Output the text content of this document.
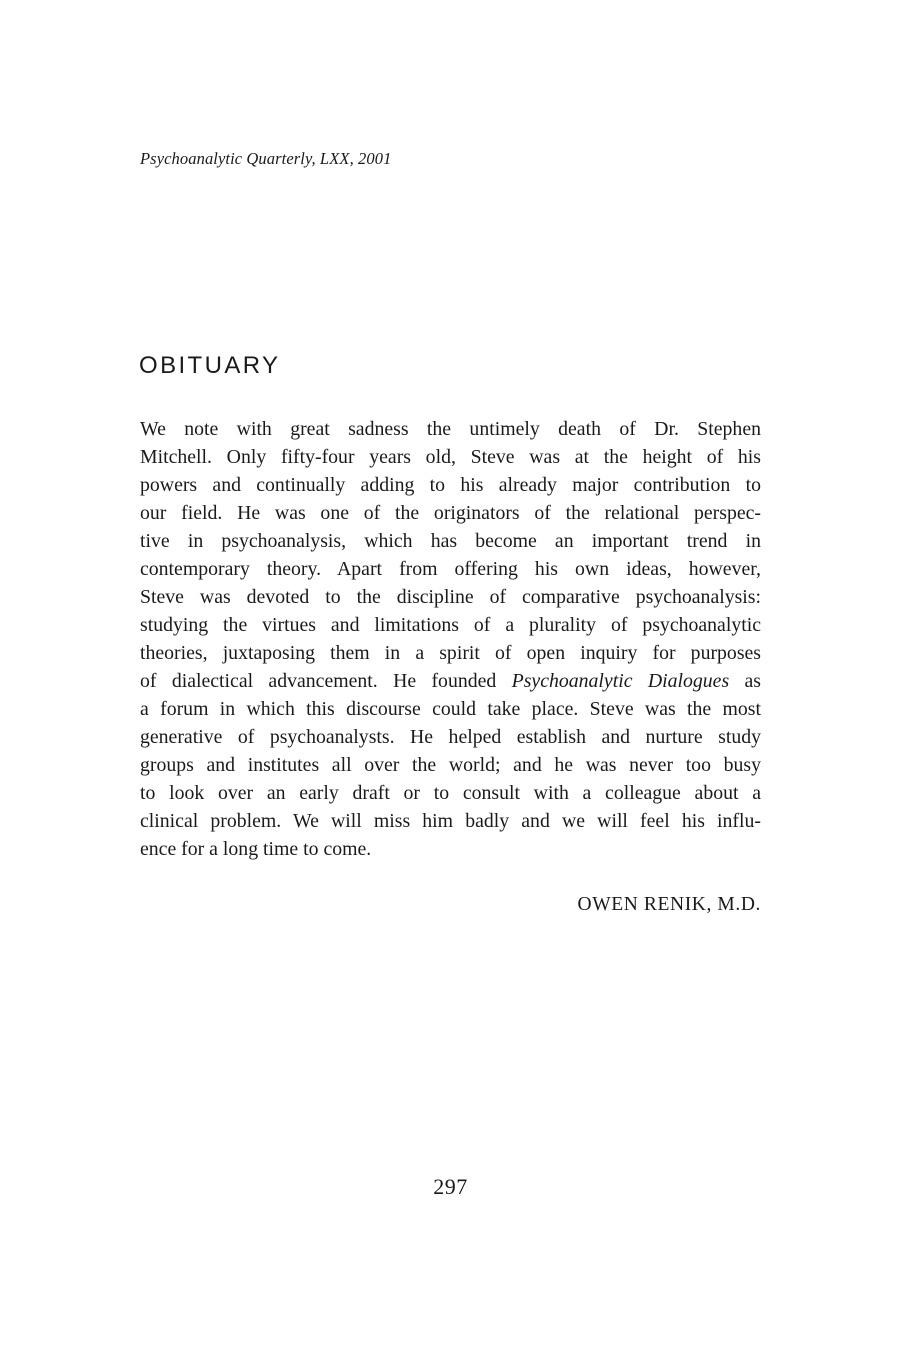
Psychoanalytic Quarterly, LXX, 2001
OBITUARY
We note with great sadness the untimely death of Dr. Stephen
Mitchell. Only fifty-four years old, Steve was at the height of his
powers and continually adding to his already major contribution to
our field. He was one of the originators of the relational perspec-
tive in psychoanalysis, which has become an important trend in
contemporary theory. Apart from offering his own ideas, however,
Steve was devoted to the discipline of comparative psychoanalysis:
studying the virtues and limitations of a plurality of psychoanalytic
theories, juxtaposing them in a spirit of open inquiry for purposes
of dialectical advancement. He founded Psychoanalytic Dialogues as
a forum in which this discourse could take place. Steve was the most
generative of psychoanalysts. He helped establish and nurture study
groups and institutes all over the world; and he was never too busy
to look over an early draft or to consult with a colleague about a
clinical problem. We will miss him badly and we will feel his influ-
ence for a long time to come.
OWEN RENIK, M.D.
297
